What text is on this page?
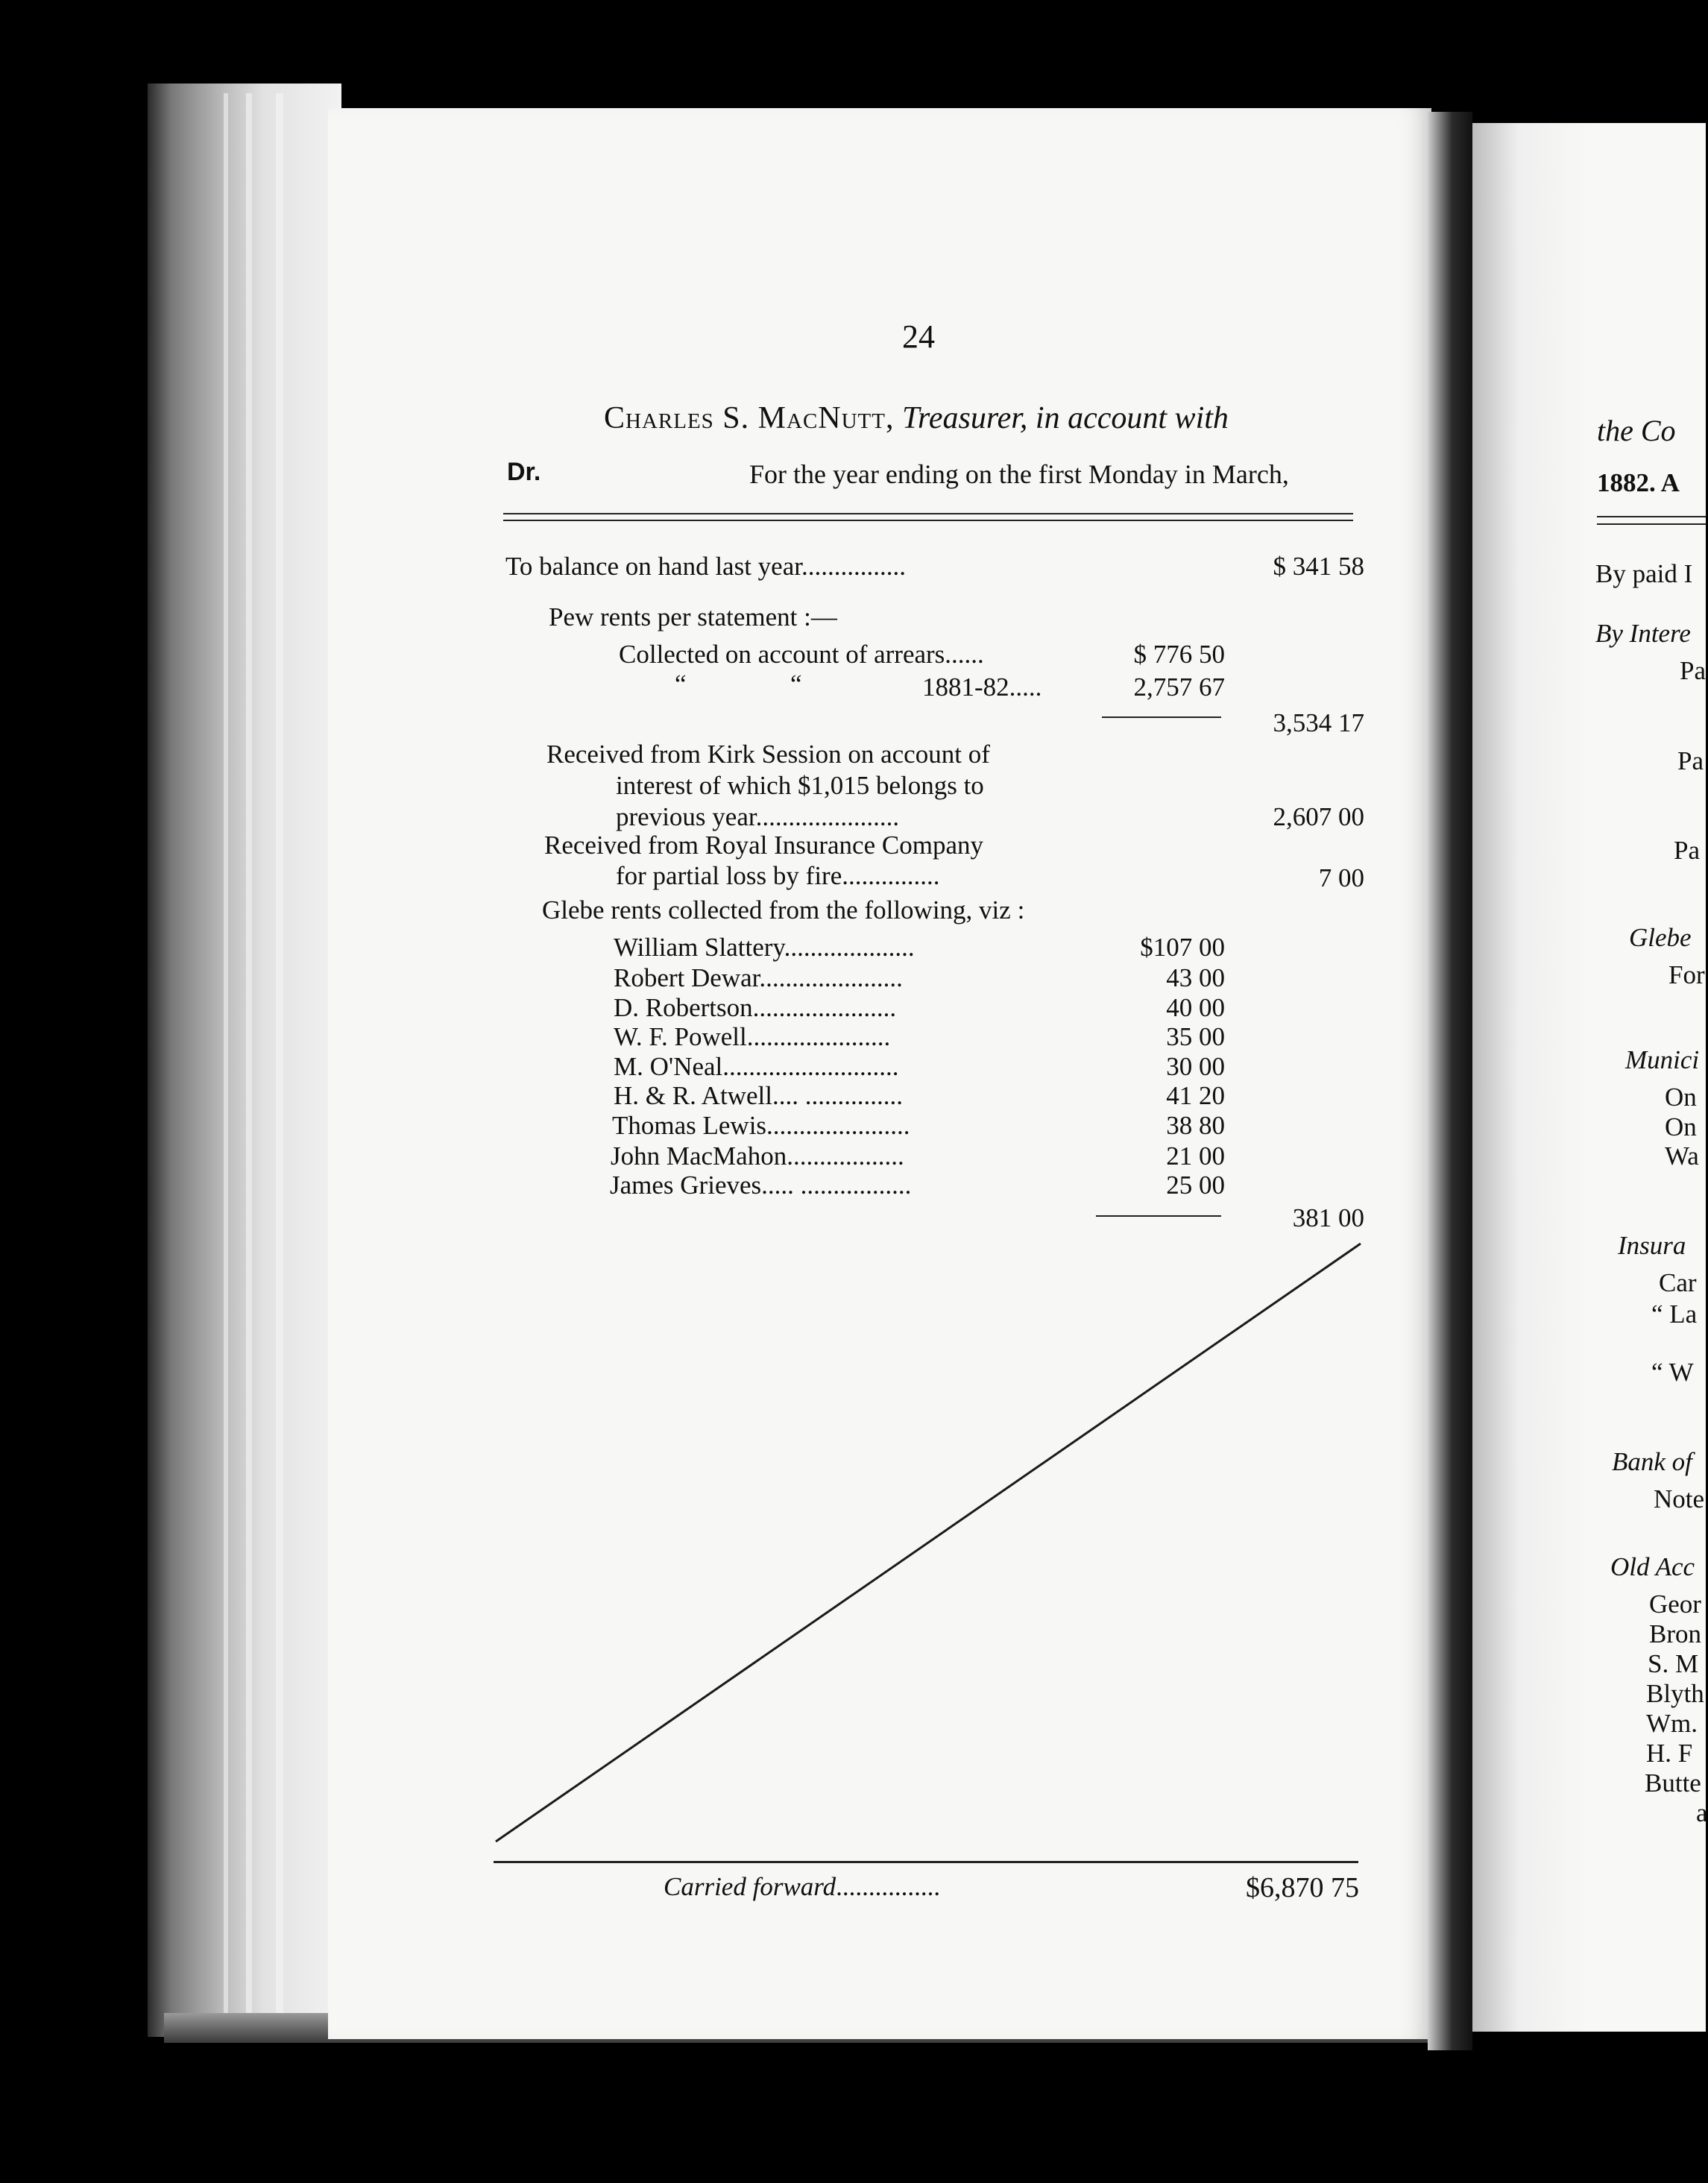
24
Charles S. MacNutt, Treasurer, in account with
Dr.	For the year ending on the first Monday in March,
To balance on hand last year................	$ 341 58
Pew rents per statement :—
Collected on account of arrears......	$ 776 50
“	“	1881-82.....	2,757 67
3,534 17
Received from Kirk Session on account of
interest of which $1,015 belongs to
previous year......................	2,607 00
Received from Royal Insurance Company
for partial loss by fire...............	7 00
Glebe rents collected from the following, viz :
William Slattery....................	$107 00
Robert Dewar......................	43 00
D. Robertson......................	40 00
W. F. Powell......................	35 00
M. O'Neal...........................	30 00
H. & R. Atwell.... ...............	41 20
Thomas Lewis......................	38 80
John MacMahon..................	21 00
James Grieves..... .................	25 00
381 00
Carried forward................	$6,870 75
the Co
1882. A
By paid I
By Intere
Pa
Pa
Pa
Glebe
For
Munici
On
On
Wa
Insura
Car
“ La
“ W
Bank of
Note
Old Acc
Geor
Bron
S. M
Blyth
Wm.
H. F
Butte
a
